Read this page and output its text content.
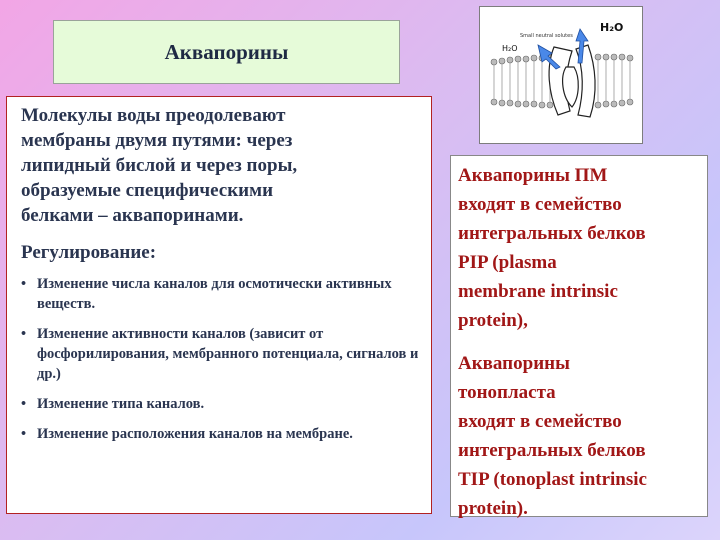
Аквапорины

Молекулы воды преодолевают
мембраны двумя путями: через
липидный бислой и через поры,
образуемые специфическими
белками – аквапоринами.

Регулирование:

• Изменение числа каналов для осмотически активных веществ.
• Изменение активности каналов (зависит от фосфорилирования, мембранного потенциала, сигналов и др.)
• Изменение типа каналов.
• Изменение расположения каналов на мембране.
H₂O
H₂O
Small neutral solutes

Аквапорины ПМ
входят в семейство
интегральных белков
PIP (plasma
membrane intrinsic
protein),

Аквапорины
тонопласта
входят в семейство
интегральных белков
TIP (tonoplast intrinsic
protein).
